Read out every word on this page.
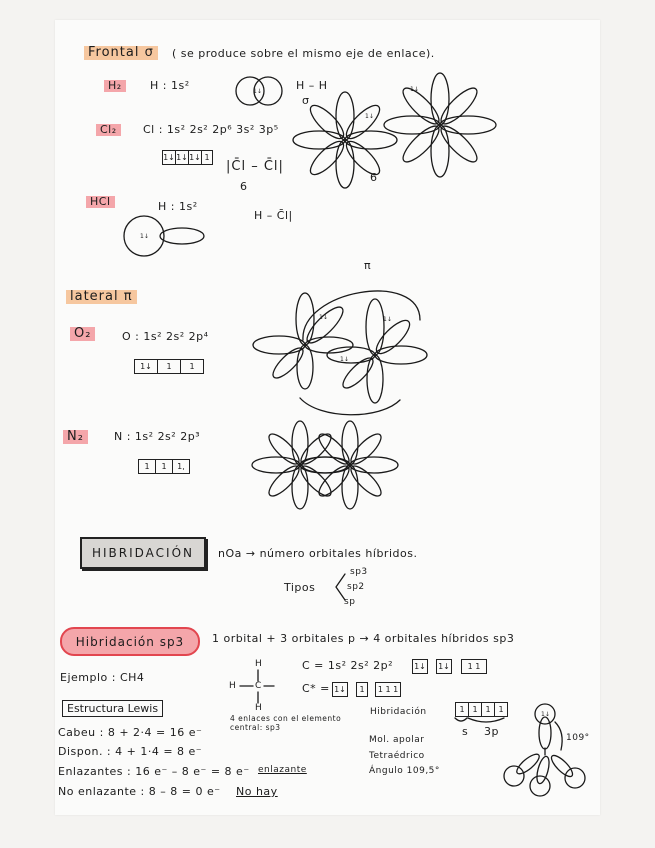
Frontal σ	( se produce sobre el mismo eje de enlace).
H₂	H : 1s²	H – H
σ
Cl₂	Cl : 1s² 2s² 2p⁶ 3s² 3p⁵
1↓ 1↓ 1↓ 1
|C̄l – C̄l|
6
6
HCl	H : 1s²
H – C̄l|
lateral π
π
O₂	O : 1s² 2s² 2p⁴
1↓	1	1
N₂	N : 1s² 2s² 2p³
1	1	1,
HIBRIDACIÓN	nOa → número orbitales híbridos.
Tipos
sp3
sp2
sp
Hibridación sp3	1 orbital + 3 orbitales p → 4 orbitales híbridos sp3
Ejemplo : CH4
Estructura Lewis
Cabeu : 8 + 2·4 = 16 e⁻
Dispon. : 4 + 1·4 = 8 e⁻
Enlazantes : 16 e⁻ – 8 e⁻ = 8 e⁻ enlazante
No enlazante : 8 – 8 = 0 e⁻ No hay
H
H C
H
4 enlaces con el elemento central: sp3
C = 1s² 2s² 2p²	1↓ 1↓	1 1
C* = 1↓	1	1 1 1
Hibridación	1 1 1 1
s 3p
Mol. apolar
Tetraédrico
Ángulo 109,5°
109°
1↓
1↓
1↓
1↓
1↓
1↓
1↓
1↓
